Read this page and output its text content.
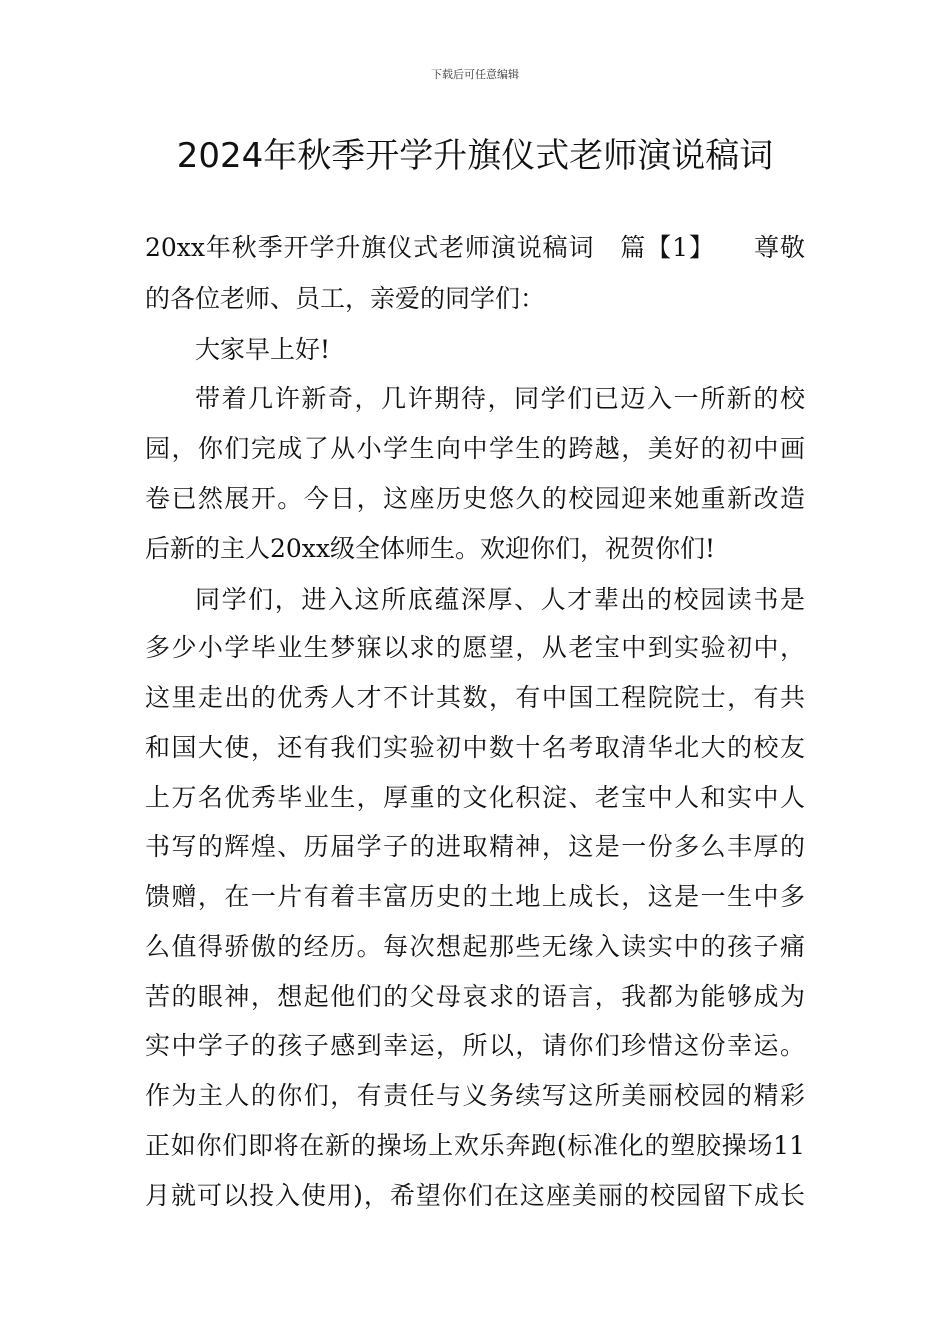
下载后可任意编辑
2024年秋季开学升旗仪式老师演说稿词
20xx年秋季开学升旗仪式老师演说稿词　篇【1】　　尊敬
的各位老师、员工，亲爱的同学们：
大家早上好!
带着几许新奇，几许期待，同学们已迈入一所新的校
园，你们完成了从小学生向中学生的跨越，美好的初中画
卷已然展开。今日，这座历史悠久的校园迎来她重新改造
后新的主人20xx级全体师生。欢迎你们，祝贺你们!
同学们，进入这所底蕴深厚、人才辈出的校园读书是
多少小学毕业生梦寐以求的愿望，从老宝中到实验初中，
这里走出的优秀人才不计其数，有中国工程院院士，有共
和国大使，还有我们实验初中数十名考取清华北大的校友
上万名优秀毕业生，厚重的文化积淀、老宝中人和实中人
书写的辉煌、历届学子的进取精神，这是一份多么丰厚的
馈赠，在一片有着丰富历史的土地上成长，这是一生中多
么值得骄傲的经历。每次想起那些无缘入读实中的孩子痛
苦的眼神，想起他们的父母哀求的语言，我都为能够成为
实中学子的孩子感到幸运，所以，请你们珍惜这份幸运。
作为主人的你们，有责任与义务续写这所美丽校园的精彩
正如你们即将在新的操场上欢乐奔跑(标准化的塑胶操场11
月就可以投入使用)，希望你们在这座美丽的校园留下成长
